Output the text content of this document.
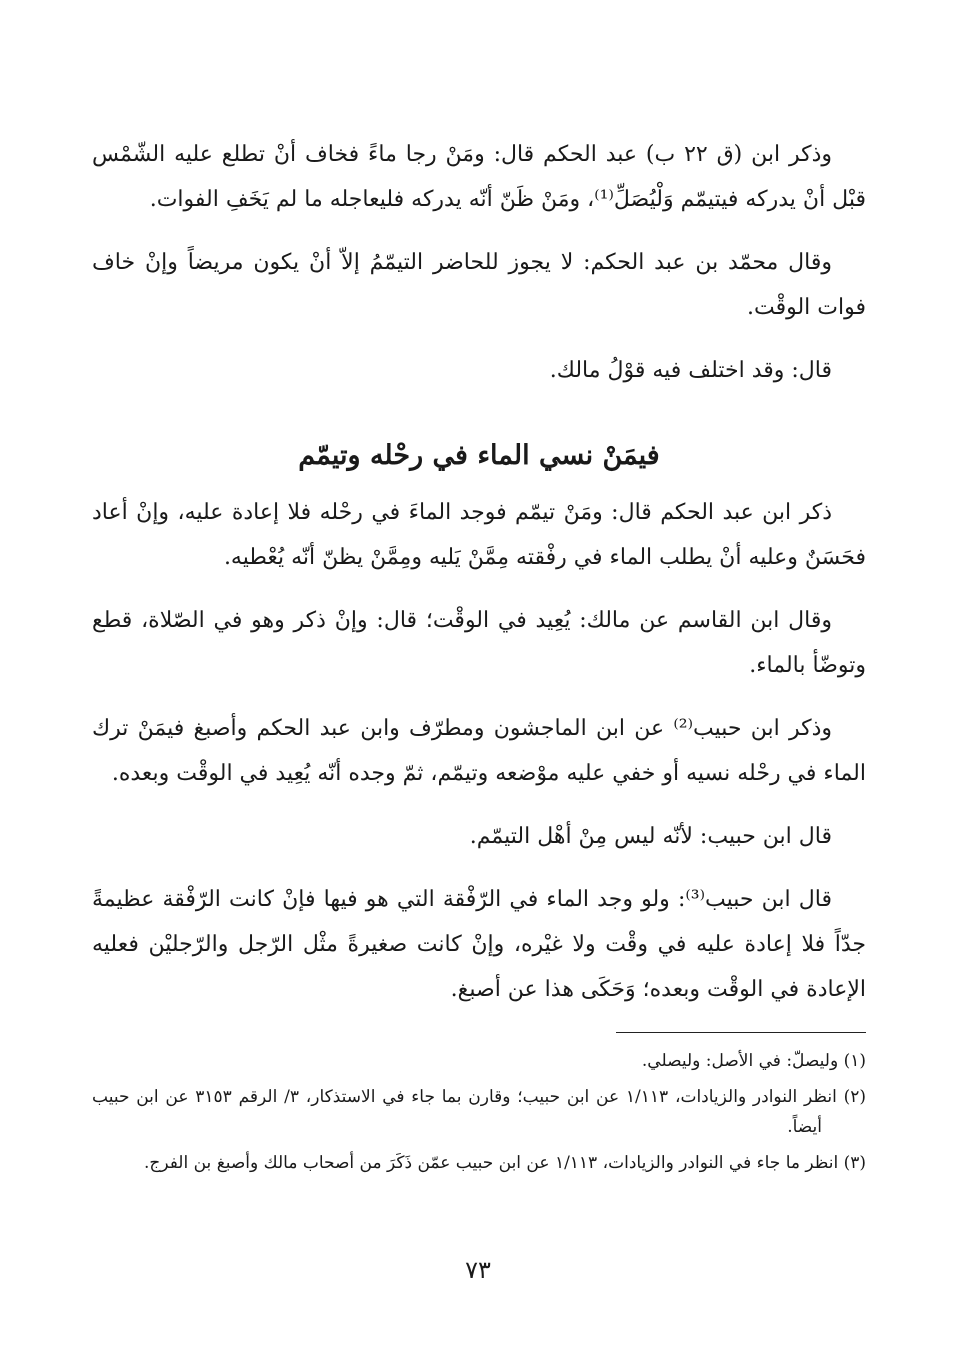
وذكر ابن (ق ٢٢ ب) عبد الحكم قال: ومَنْ رجا ماءً فخاف أنْ تطلع عليه الشّمْس قبْل أنْ يدركه فيتيمّم وَلْيُصَلِّ⁽¹⁾، ومَنْ ظَنّ أنّه يدركه فليعاجله ما لم يَخَفِ الفوات.

وقال محمّد بن عبد الحكم: لا يجوز للحاضر التيمّمُ إلاّ أنْ يكون مريضاً وإنْ خاف فوات الوقْت.

قال: وقد اختلف فيه قوْلُ مالك.

فيمَنْ نسي الماء في رحْله وتيمّم

ذكر ابن عبد الحكم قال: ومَنْ تيمّم فوجد الماءَ في رحْله فلا إعادة عليه، وإنْ أعاد فحَسَنٌ وعليه أنْ يطلب الماء في رفْقته مِمَّنْ يَليه ومِمَّنْ يظنّ أنّه يُعْطيه.

وقال ابن القاسم عن مالك: يُعِيد في الوقْت؛ قال: وإنْ ذكر وهو في الصّلاة، قطع وتوضّأ بالماء.

وذكر ابن حبيب⁽²⁾ عن ابن الماجشون ومطرّف وابن عبد الحكم وأصبغ فيمَنْ ترك الماء في رحْله نسيه أو خفي عليه موْضعه وتيمّم، ثمّ وجده أنّه يُعِيد في الوقْت وبعده.

قال ابن حبيب: لأنّه ليس مِنْ أهْل التيمّم.

قال ابن حبيب⁽³⁾: ولو وجد الماء في الرّفْقة التي هو فيها فإنْ كانت الرّفْقة عظيمةً جدّاً فلا إعادة عليه في وقْت ولا غيْره، وإنْ كانت صغيرةً مثْل الرّجل والرّجليْن فعليه الإعادة في الوقْت وبعده؛ وَحَكَى هذا عن أصبغ.

(١) وليصلّ: في الأصل: وليصلي.

(٢) انظر النوادر والزيادات، ١/١١٣ عن ابن حبيب؛ وقارن بما جاء في الاستذكار، ٣/ الرقم ٣١٥٣ عن ابن حبيب أيضاً.

(٣) انظر ما جاء في النوادر والزيادات، ١/١١٣ عن ابن حبيب عمّن ذَكَرَ من أصحاب مالك وأصبغ بن الفرج.

٧٣
